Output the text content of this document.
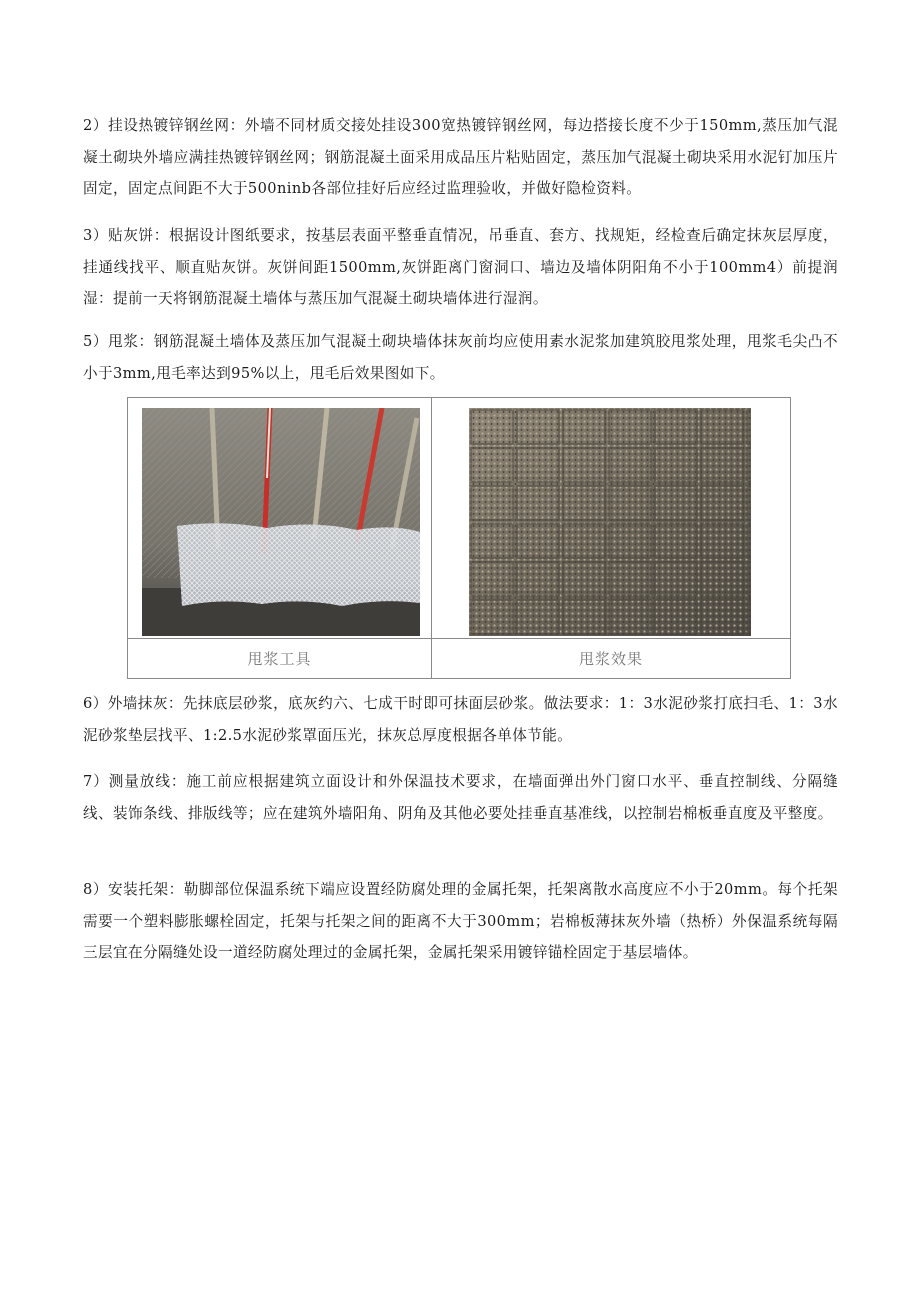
2）挂设热镀锌钢丝网：外墙不同材质交接处挂设300宽热镀锌钢丝网，每边搭接长度不少于150mm,蒸压加气混凝土砌块外墙应满挂热镀锌钢丝网；钢筋混凝土面采用成品压片粘贴固定，蒸压加气混凝土砌块采用水泥钉加压片固定，固定点间距不大于500ninb各部位挂好后应经过监理验收，并做好隐检资料。

3）贴灰饼：根据设计图纸要求，按基层表面平整垂直情况，吊垂直、套方、找规矩，经检查后确定抹灰层厚度，挂通线找平、顺直贴灰饼。灰饼间距1500mm,灰饼距离门窗洞口、墙边及墙体阴阳角不小于100mm4）前提润湿：提前一天将钢筋混凝土墙体与蒸压加气混凝土砌块墙体进行湿润。

5）甩浆：钢筋混凝土墙体及蒸压加气混凝土砌块墙体抹灰前均应使用素水泥浆加建筑胶甩浆处理，甩浆毛尖凸不小于3mm,甩毛率达到95%以上，甩毛后效果图如下。

甩浆工具	甩浆效果

6）外墙抹灰：先抹底层砂浆，底灰约六、七成干时即可抹面层砂浆。做法要求：1：3水泥砂浆打底扫毛、1：3水泥砂浆垫层找平、1:2.5水泥砂浆罩面压光，抹灰总厚度根据各单体节能。

7）测量放线：施工前应根据建筑立面设计和外保温技术要求，在墙面弹出外门窗口水平、垂直控制线、分隔缝线、装饰条线、排版线等；应在建筑外墙阳角、阴角及其他必要处挂垂直基准线，以控制岩棉板垂直度及平整度。

8）安装托架：勒脚部位保温系统下端应设置经防腐处理的金属托架，托架离散水高度应不小于20mm。每个托架需要一个塑料膨胀螺栓固定，托架与托架之间的距离不大于300mm；岩棉板薄抹灰外墙（热桥）外保温系统每隔三层宜在分隔缝处设一道经防腐处理过的金属托架，金属托架采用镀锌锚栓固定于基层墙体。
